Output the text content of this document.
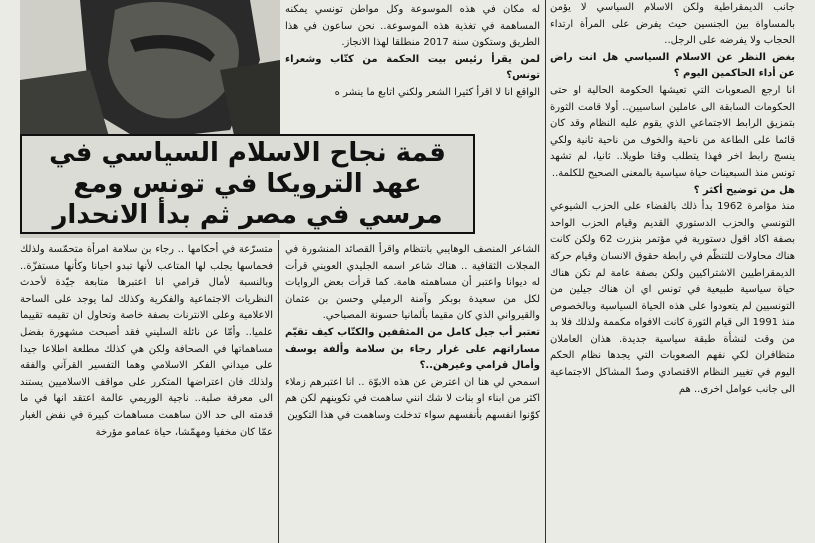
قمة نجاح الاسلام السياسي في
عهد الترويكا في تونس ومع
مرسي في مصر ثم بدأ الانحدار

جانب الديمقراطية ولكن الاسلام السياسي لا يؤمن بالمساواة بين الجنسين حيث يفرض على المرأة ارتداء الحجاب ولا يفرضه على الرجل..

بغض النظر عن الاسلام السياسي هل انت راض عن أداء الحاكمين اليوم ؟

انا ارجع الصعوبات التي تعيشها الحكومة الحالية او حتى الحكومات السابقة الى عاملين اساسيين.. أولا قامت الثورة بتمزيق الرابط الاجتماعي الذي يقوم عليه النظام وقد كان قائما على الطاعة من ناحية والخوف من ناحية ثانية ولكي ينسج رابط اخر فهذا يتطلب وقتا طويلا.. ثانيا، لم تشهد تونس منذ السبعينات حياة سياسية بالمعنى الصحيح للكلمة..

هل من توضيح أكثر ؟

منذ مؤامرة 1962 بدأ ذلك بالقضاء على الحزب الشيوعي التونسي والحزب الدستوري القديم وقيام الحزب الواحد بصفة اكاد اقول دستورية في مؤتمر بنزرت 62 ولكن كانت هناك محاولات للتنظّم في رابطة حقوق الانسان وقيام حركة الديمقراطيين الاشتراكيين ولكن بصفة عامة لم تكن هناك حياة سياسية طبيعية في تونس اي ان هناك جيلين من التونسيين لم يتعودوا على هذه الحياة السياسية وبالخصوص منذ 1991 الى قيام الثورة كانت الافواه مكممة ولذلك فلا بد من وقت لنشأة طبقة سياسية جديدة. هذان العاملان متظافران لكي نفهم الصعوبات التي يجدها نظام الحكم اليوم في تغيير النظام الاقتصادي وصدّ المشاكل الاجتماعية الى جانب عوامل اخرى.. هم

له مكان في هذه الموسوعة وكل مواطن تونسي يمكنه المساهمة في تغذية هذه الموسوعة.. نحن ساعون في هذا الطريق وستكون سنة 2017 منطلقا لهذا الانجاز.

لمن يقرأ رئيس بيت الحكمة من كتّاب وشعراء تونس؟

الواقع انا لا اقرأ كثيرا الشعر ولكني اتابع ما ينشر ه

الشاعر المنصف الوهايبي بانتظام واقرأ القصائد المنشورة في المجلات الثقافية .. هناك شاعر اسمه الجليدي العويني قرأت له ديوانا واعتبر أن مساهمته هامة. كما قرأت بعض الروايات لكل من سعيدة بوبكر وآمنة الرميلي وحسن بن عثمان والقيرواني الذي كان مقيما بألمانيا حسونة المصباحي.

تعتبر أب جيل كامل من المثقفين والكتّاب كيف تقيّم مساراتهم على غرار رجاء بن سلامة وألفة يوسف وأمال قرامي وغيرهن..؟

اسمحي لي هنا ان اعترض عن هذه الابوّة .. انا اعتبرهم زملاء اكثر من ابناء او بنات لا شك انني ساهمت في تكوينهم لكن هم كوّنوا انفسهم بأنفسهم سواء تدخلت وساهمت في هذا التكوين

متسرّعة في أحكامها .. رجاء بن سلامة امرأة متحمّسة ولذلك فحماسها يجلب لها المتاعب لأنها تبدو احيانا وكأنها مستفزّة.. وبالنسبة لأمال قرامي انا اعتبرها متابعة جيّدة لأحدث النظريات الاجتماعية والفكرية وكذلك لما يوجد على الساحة الاعلامية وعلى الانترنات بصفة خاصة وتحاول ان تقيمه تقييما علميا.. وأمّا عن نائلة السليني فقد أصبحت مشهورة بفضل مساهماتها في الصحافة ولكن هي كذلك مطلعة اطلاعا جيدا على ميداني الفكر الاسلامي وهما التفسير القرآني والفقه ولذلك فان اعتراضها المتكرر على مواقف الاسلاميين يستند الى معرفة صلبة.. ناجية الوريمي عالمة اعتقد انها في ما قدمته الى حد الان ساهمت مساهمات كبيرة في نفض الغبار عمّا كان مخفيا ومهمّشا، حياة عمامو مؤرخة
